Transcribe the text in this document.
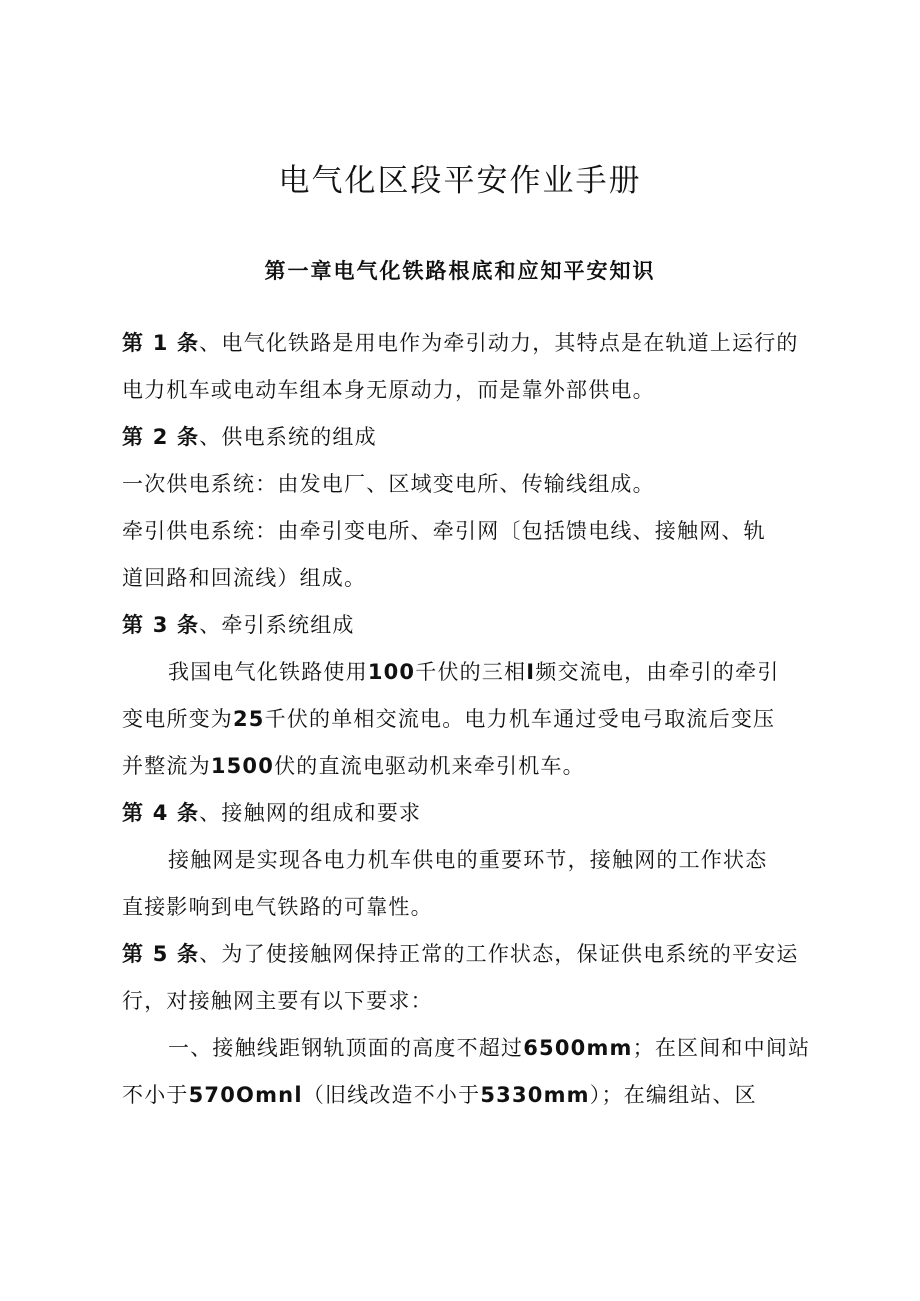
电气化区段平安作业手册
第一章电气化铁路根底和应知平安知识
第 1 条、电气化铁路是用电作为牵引动力，其特点是在轨道上运行的
电力机车或电动车组本身无原动力，而是靠外部供电。
第 2 条、供电系统的组成
一次供电系统：由发电厂、区域变电所、传输线组成。
牵引供电系统：由牵引变电所、牵引网〔包括馈电线、接触网、轨
道回路和回流线）组成。
第 3 条、牵引系统组成
我国电气化铁路使用100千伏的三相I频交流电，由牵引的牵引
变电所变为25千伏的单相交流电。电力机车通过受电弓取流后变压
并整流为1500伏的直流电驱动机来牵引机车。
第 4 条、接触网的组成和要求
接触网是实现各电力机车供电的重要环节，接触网的工作状态
直接影响到电气铁路的可靠性。
第 5 条、为了使接触网保持正常的工作状态，保证供电系统的平安运
行，对接触网主要有以下要求：
一、接触线距钢轨顶面的高度不超过6500mm；在区间和中间站
不小于570Omnl（旧线改造不小于5330mm）；在编组站、区
